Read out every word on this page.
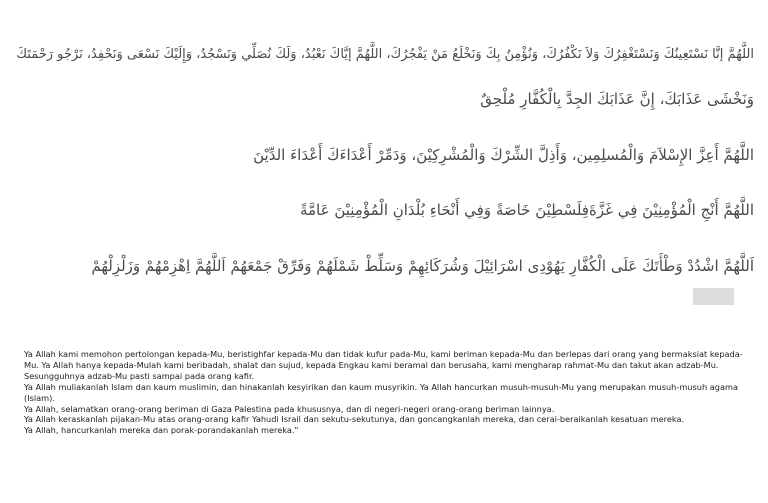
اللَّهُمَّ إنَّا نَسْتَعِينُكَ وَنَسْتَغْفِرُكَ وَلاَ نَكْفُرُكَ، وَنُؤْمِنُ بِكَ وَنَخْلَعُ مَنْ يَفْجُرُكَ، اللَّهُمَّ إيَّاكَ نَعْبُدُ، وَلَكَ نُصَلِّي وَنَسْجُدُ، وَإِلَيْكَ نَسْعَى وَنَحْفِدُ، نَرْجُو رَحْمَتَكَ
وَنَخْشَى عَذَابَكَ، إِنَّ عَذَابَكَ الجِدَّ بِالْكُفَّارِ مُلْحِقٌ
اللَّهُمَّ أَعِزَّ الإِسْلاَمَ وَالْمُسلِمِين، وَأَذِلَّ الشِّرْكَ وَالْمُشْرِكِيْنَ، وَدَمِّرْ أَعْدَاءَكَ أَعْدَاءَ الدِّيْنَ
اللَّهُمَّ أَنْجِ الْمُؤْمِنِيْنَ فِي غَزَّةَفِلَسْطِيْنَ خَاصَةً وَفِي أَنْحَاءِ بُلْدَانِ الْمُؤْمِنِيْنَ عَامَّةً
اَللَّهُمَّ اشْدُدْ وَطْأَتَكَ عَلَى الْكُفَّارِ يَهُوْدِى اسْرَائِيْلَ وَشُرَكَائِهِمْ وَسَلِّطْ شَمْلَهُمْ وَفَرِّقْ جَمْعَهُمْ اَللَّهُمَّ اِهْزِمْهُمْ وَزَلْزِلْهُمْ

Ya Allah kami memohon pertolongan kepada-Mu, beristighfar kepada-Mu dan tidak kufur pada-Mu, kami beriman kepada-Mu dan berlepas dari orang yang bermaksiat kepada-Mu. Ya Allah hanya kepada-Mulah kami beribadah, shalat dan sujud, kepada Engkau kami beramal dan berusaha, kami mengharap rahmat-Mu dan takut akan adzab-Mu. Sesungguhnya adzab-Mu pasti sampai pada orang kafir.

Ya Allah muliakanlah Islam dan kaum muslimin, dan hinakanlah kesyirikan dan kaum musyrikin. Ya Allah hancurkan musuh-musuh-Mu yang merupakan musuh-musuh agama (Islam).

Ya Allah, selamatkan orang-orang beriman di Gaza Palestina pada khususnya, dan di negeri-negeri orang-orang beriman lainnya.

Ya Allah keraskanlah pijakan-Mu atas orang-orang kafir Yahudi Israil dan sekutu-sekutunya, dan goncangkanlah mereka, dan cerai-beraikanlah kesatuan mereka.

Ya Allah, hancurkanlah mereka dan porak-porandakanlah mereka."
